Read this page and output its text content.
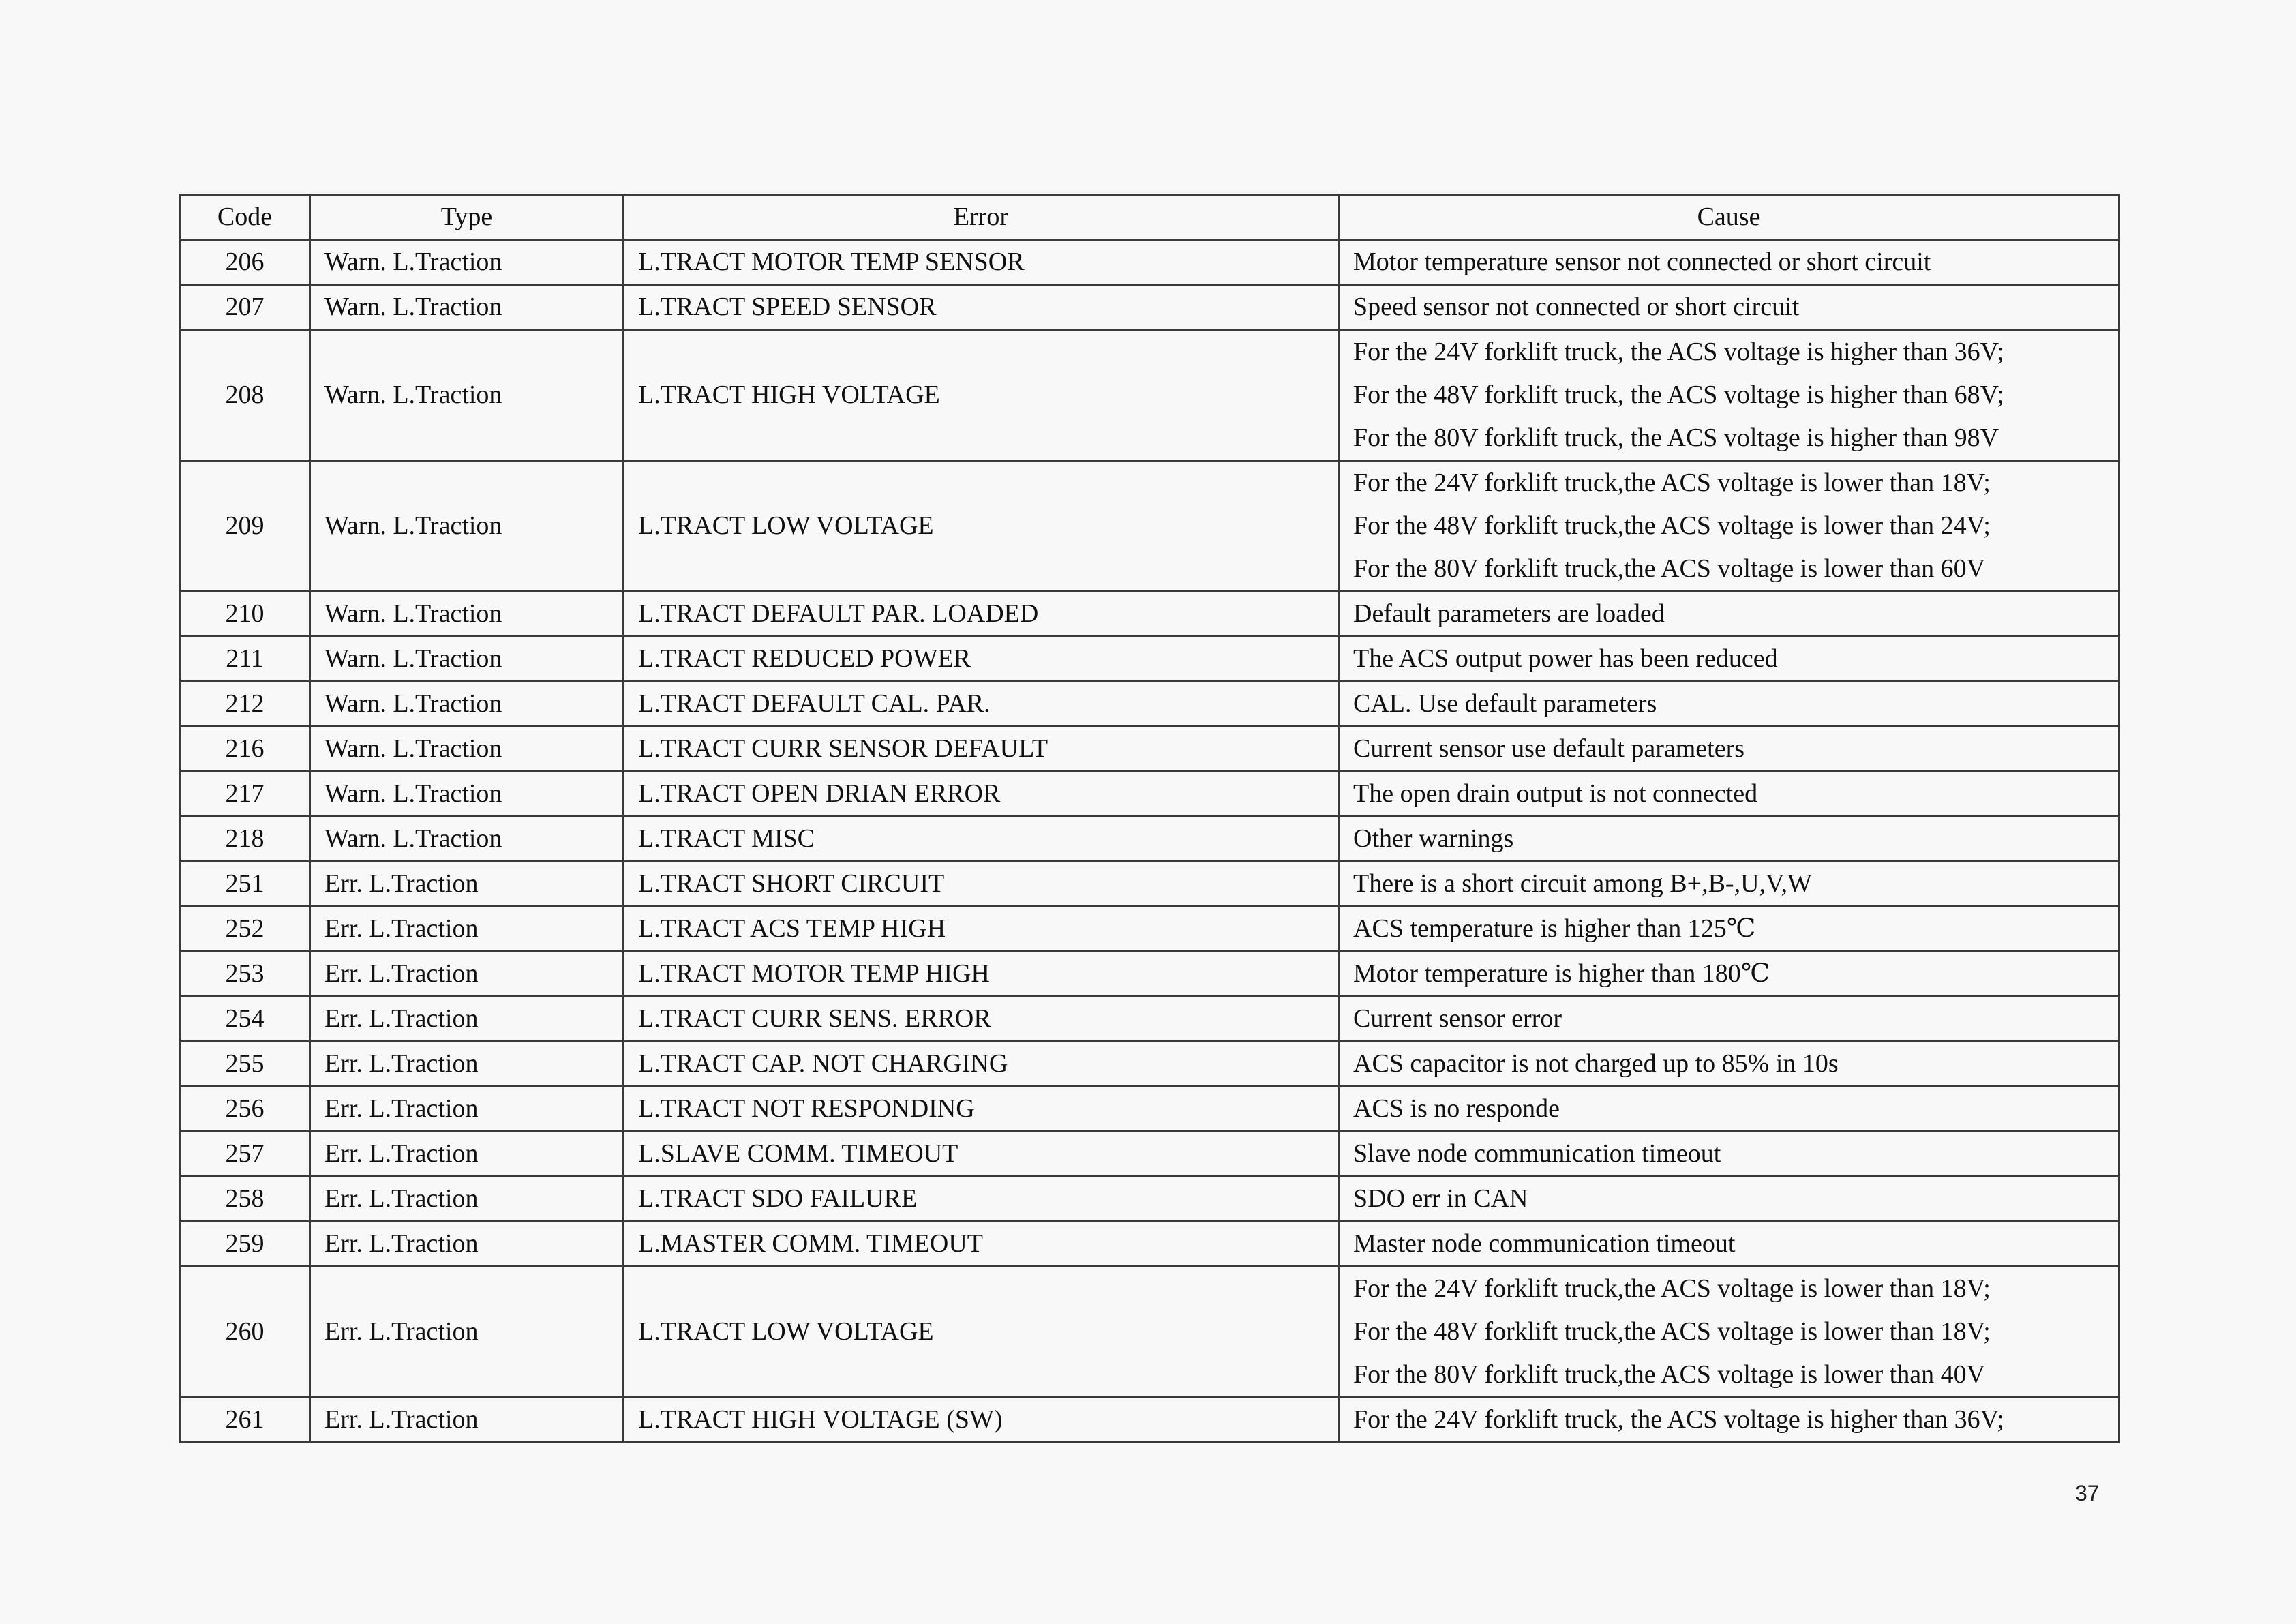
Code	Type	Error	Cause
206	Warn. L.Traction	L.TRACT MOTOR TEMP SENSOR	Motor temperature sensor not connected or short circuit

207	Warn. L.Traction	L.TRACT SPEED SENSOR	Speed sensor not connected or short circuit

208	Warn. L.Traction	L.TRACT HIGH VOLTAGE	For the 24V forklift truck, the ACS voltage is higher than 36V;
For the 48V forklift truck, the ACS voltage is higher than 68V;
For the 80V forklift truck, the ACS voltage is higher than 98V

209	Warn. L.Traction	L.TRACT LOW VOLTAGE	For the 24V forklift truck,the ACS voltage is lower than 18V;
For the 48V forklift truck,the ACS voltage is lower than 24V;
For the 80V forklift truck,the ACS voltage is lower than 60V

210	Warn. L.Traction	L.TRACT DEFAULT PAR. LOADED	Default parameters are loaded

211	Warn. L.Traction	L.TRACT REDUCED POWER	The ACS output power has been reduced

212	Warn. L.Traction	L.TRACT DEFAULT CAL. PAR.	CAL. Use default parameters

216	Warn. L.Traction	L.TRACT CURR SENSOR DEFAULT	Current sensor use default parameters

217	Warn. L.Traction	L.TRACT OPEN DRIAN ERROR	The open drain output is not connected

218	Warn. L.Traction	L.TRACT MISC	Other warnings

251	Err. L.Traction	L.TRACT SHORT CIRCUIT	There is a short circuit among B+,B-,U,V,W

252	Err. L.Traction	L.TRACT ACS TEMP HIGH	ACS temperature is higher than 125℃

253	Err. L.Traction	L.TRACT MOTOR TEMP HIGH	Motor temperature is higher than 180℃

254	Err. L.Traction	L.TRACT CURR SENS. ERROR	Current sensor error

255	Err. L.Traction	L.TRACT CAP. NOT CHARGING	ACS capacitor is not charged up to 85% in 10s

256	Err. L.Traction	L.TRACT NOT RESPONDING	ACS is no responde

257	Err. L.Traction	L.SLAVE COMM. TIMEOUT	Slave node communication timeout

258	Err. L.Traction	L.TRACT SDO FAILURE	SDO err in CAN

259	Err. L.Traction	L.MASTER COMM. TIMEOUT	Master node communication timeout

260	Err. L.Traction	L.TRACT LOW VOLTAGE	For the 24V forklift truck,the ACS voltage is lower than 18V;
For the 48V forklift truck,the ACS voltage is lower than 18V;
For the 80V forklift truck,the ACS voltage is lower than 40V

261	Err. L.Traction	L.TRACT HIGH VOLTAGE (SW)	For the 24V forklift truck, the ACS voltage is higher than 36V;
37
